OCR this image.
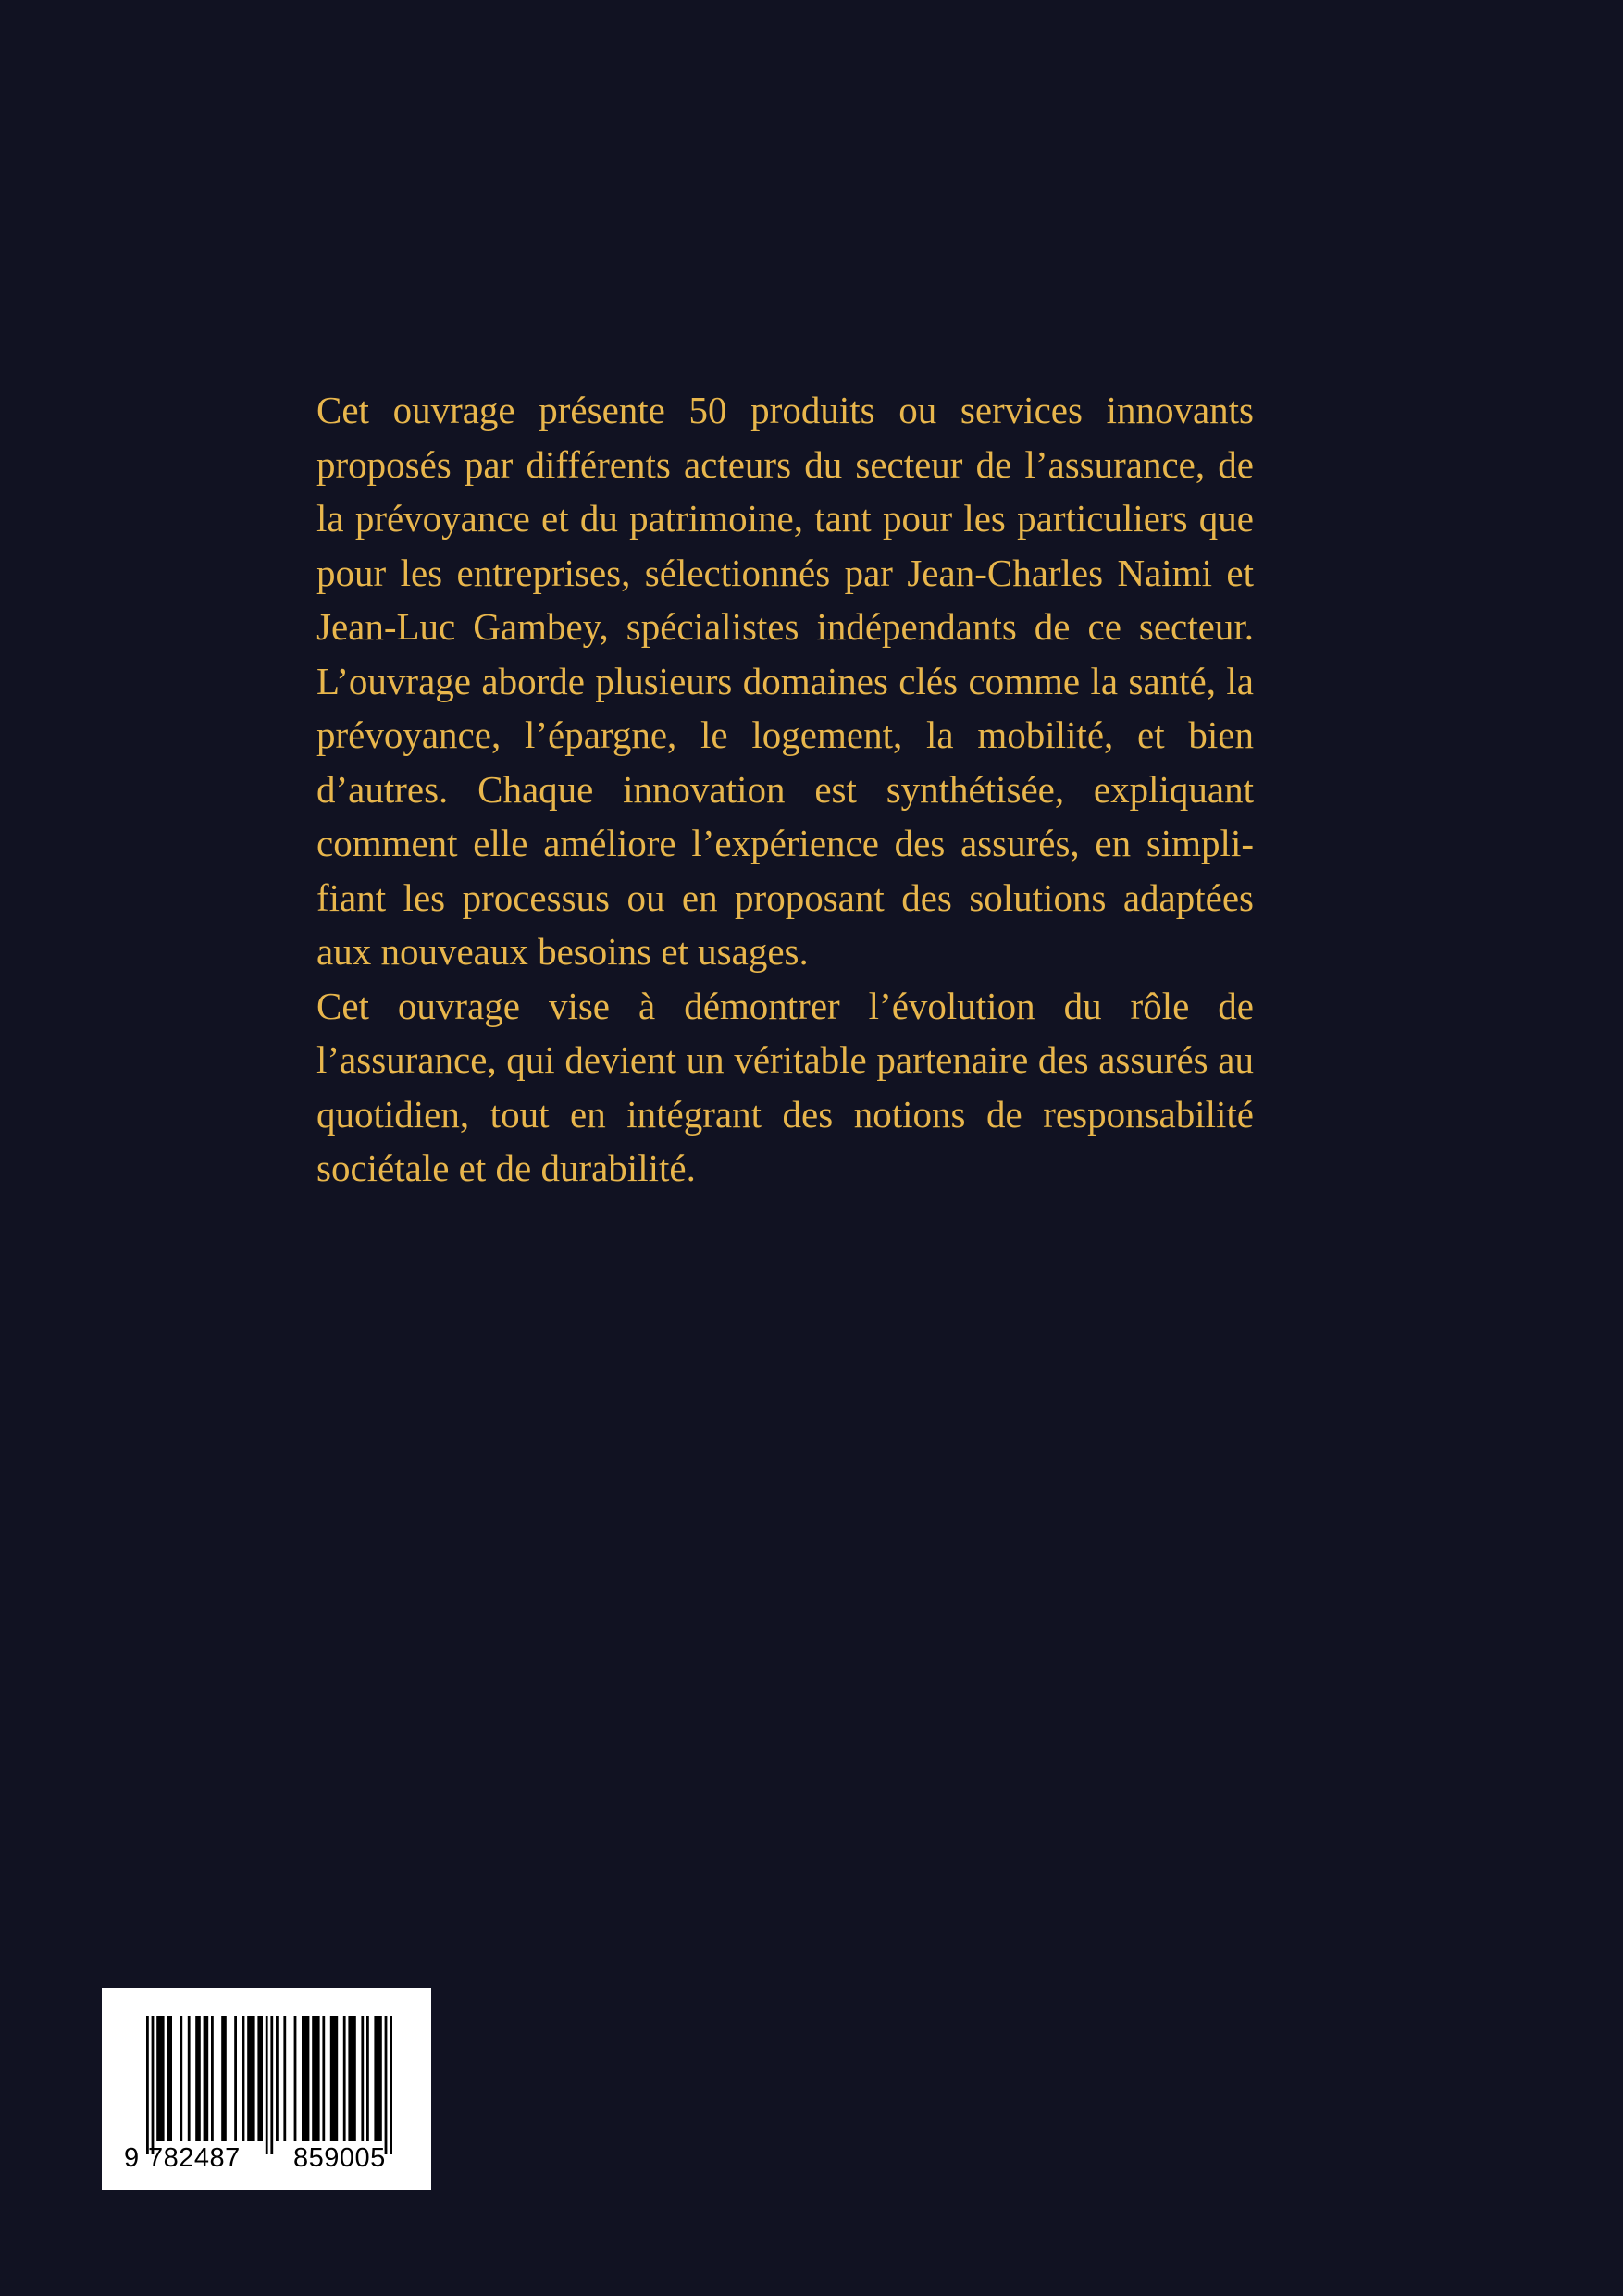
Cet ouvrage présente 50 produits ou services innovants proposés par différents acteurs du secteur de l’assurance, de la prévoyance et du patrimoine, tant pour les particuliers que pour les entreprises, sélectionnés par Jean-Charles Naimi et Jean-Luc Gambey, spécialistes indépendants de ce secteur. L’ouvrage aborde plusieurs domaines clés comme la santé, la prévoyance, l’épargne, le logement, la mobilité, et bien d’autres. Chaque innovation est synthétisée, expliquant comment elle améliore l’expérience des assurés, en simplifiant les processus ou en proposant des solutions adaptées aux nouveaux besoins et usages.

Cet ouvrage vise à démontrer l’évolution du rôle de l’assurance, qui devient un véritable partenaire des assurés au quotidien, tout en intégrant des notions de responsabilité sociétale et de durabilité.

9 782487 859005
